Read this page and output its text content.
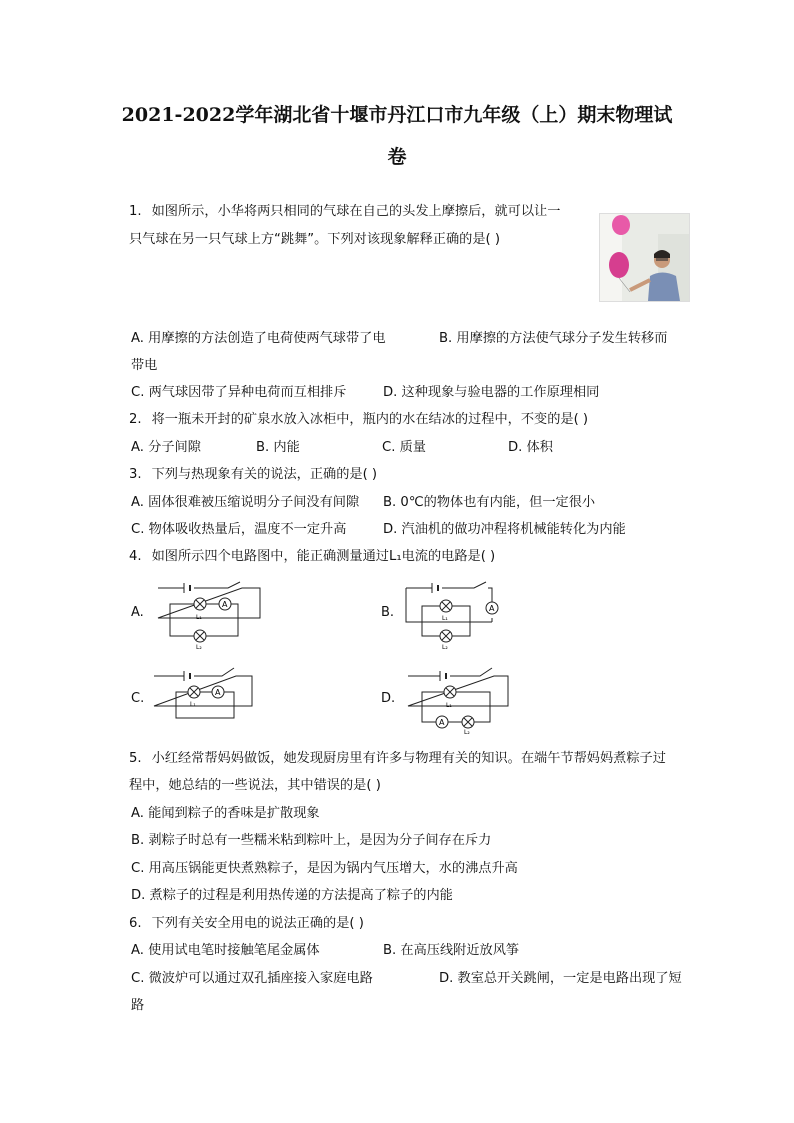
2021-2022学年湖北省十堰市丹江口市九年级（上）期末物理试
卷
1. 如图所示，小华将两只相同的气球在自己的头发上摩擦后，就可以让一
只气球在另一只气球上方“跳舞”。下列对该现象解释正确的是( )
A. 用摩擦的方法创造了电荷使两气球带了电	B. 用摩擦的方法使气球分子发生转移而
带电
C. 两气球因带了异种电荷而互相排斥	D. 这种现象与验电器的工作原理相同
2. 将一瓶未开封的矿泉水放入冰柜中，瓶内的水在结冰的过程中，不变的是( )
A. 分子间隙	B. 内能	C. 质量	D. 体积
3. 下列与热现象有关的说法，正确的是( )
A. 固体很难被压缩说明分子间没有间隙 B. 0℃的物体也有内能，但一定很小
C. 物体吸收热量后，温度不一定升高	D. 汽油机的做功冲程将机械能转化为内能
4. 如图所示四个电路图中，能正确测量通过L₁电流的电路是( )
A.	B.
C.	D.
A
L₁
L₂
A
L₁
L₂
A
L₁
A
L₁
L₂
5. 小红经常帮妈妈做饭，她发现厨房里有许多与物理有关的知识。在端午节帮妈妈煮粽子过
程中，她总结的一些说法，其中错误的是( )
A. 能闻到粽子的香味是扩散现象
B. 剥粽子时总有一些糯米粘到粽叶上，是因为分子间存在斥力
C. 用高压锅能更快煮熟粽子，是因为锅内气压增大，水的沸点升高
D. 煮粽子的过程是利用热传递的方法提高了粽子的内能
6. 下列有关安全用电的说法正确的是( )
A. 使用试电笔时接触笔尾金属体	B. 在高压线附近放风筝
C. 微波炉可以通过双孔插座接入家庭电路	D. 教室总开关跳闸，一定是电路出现了短
路
